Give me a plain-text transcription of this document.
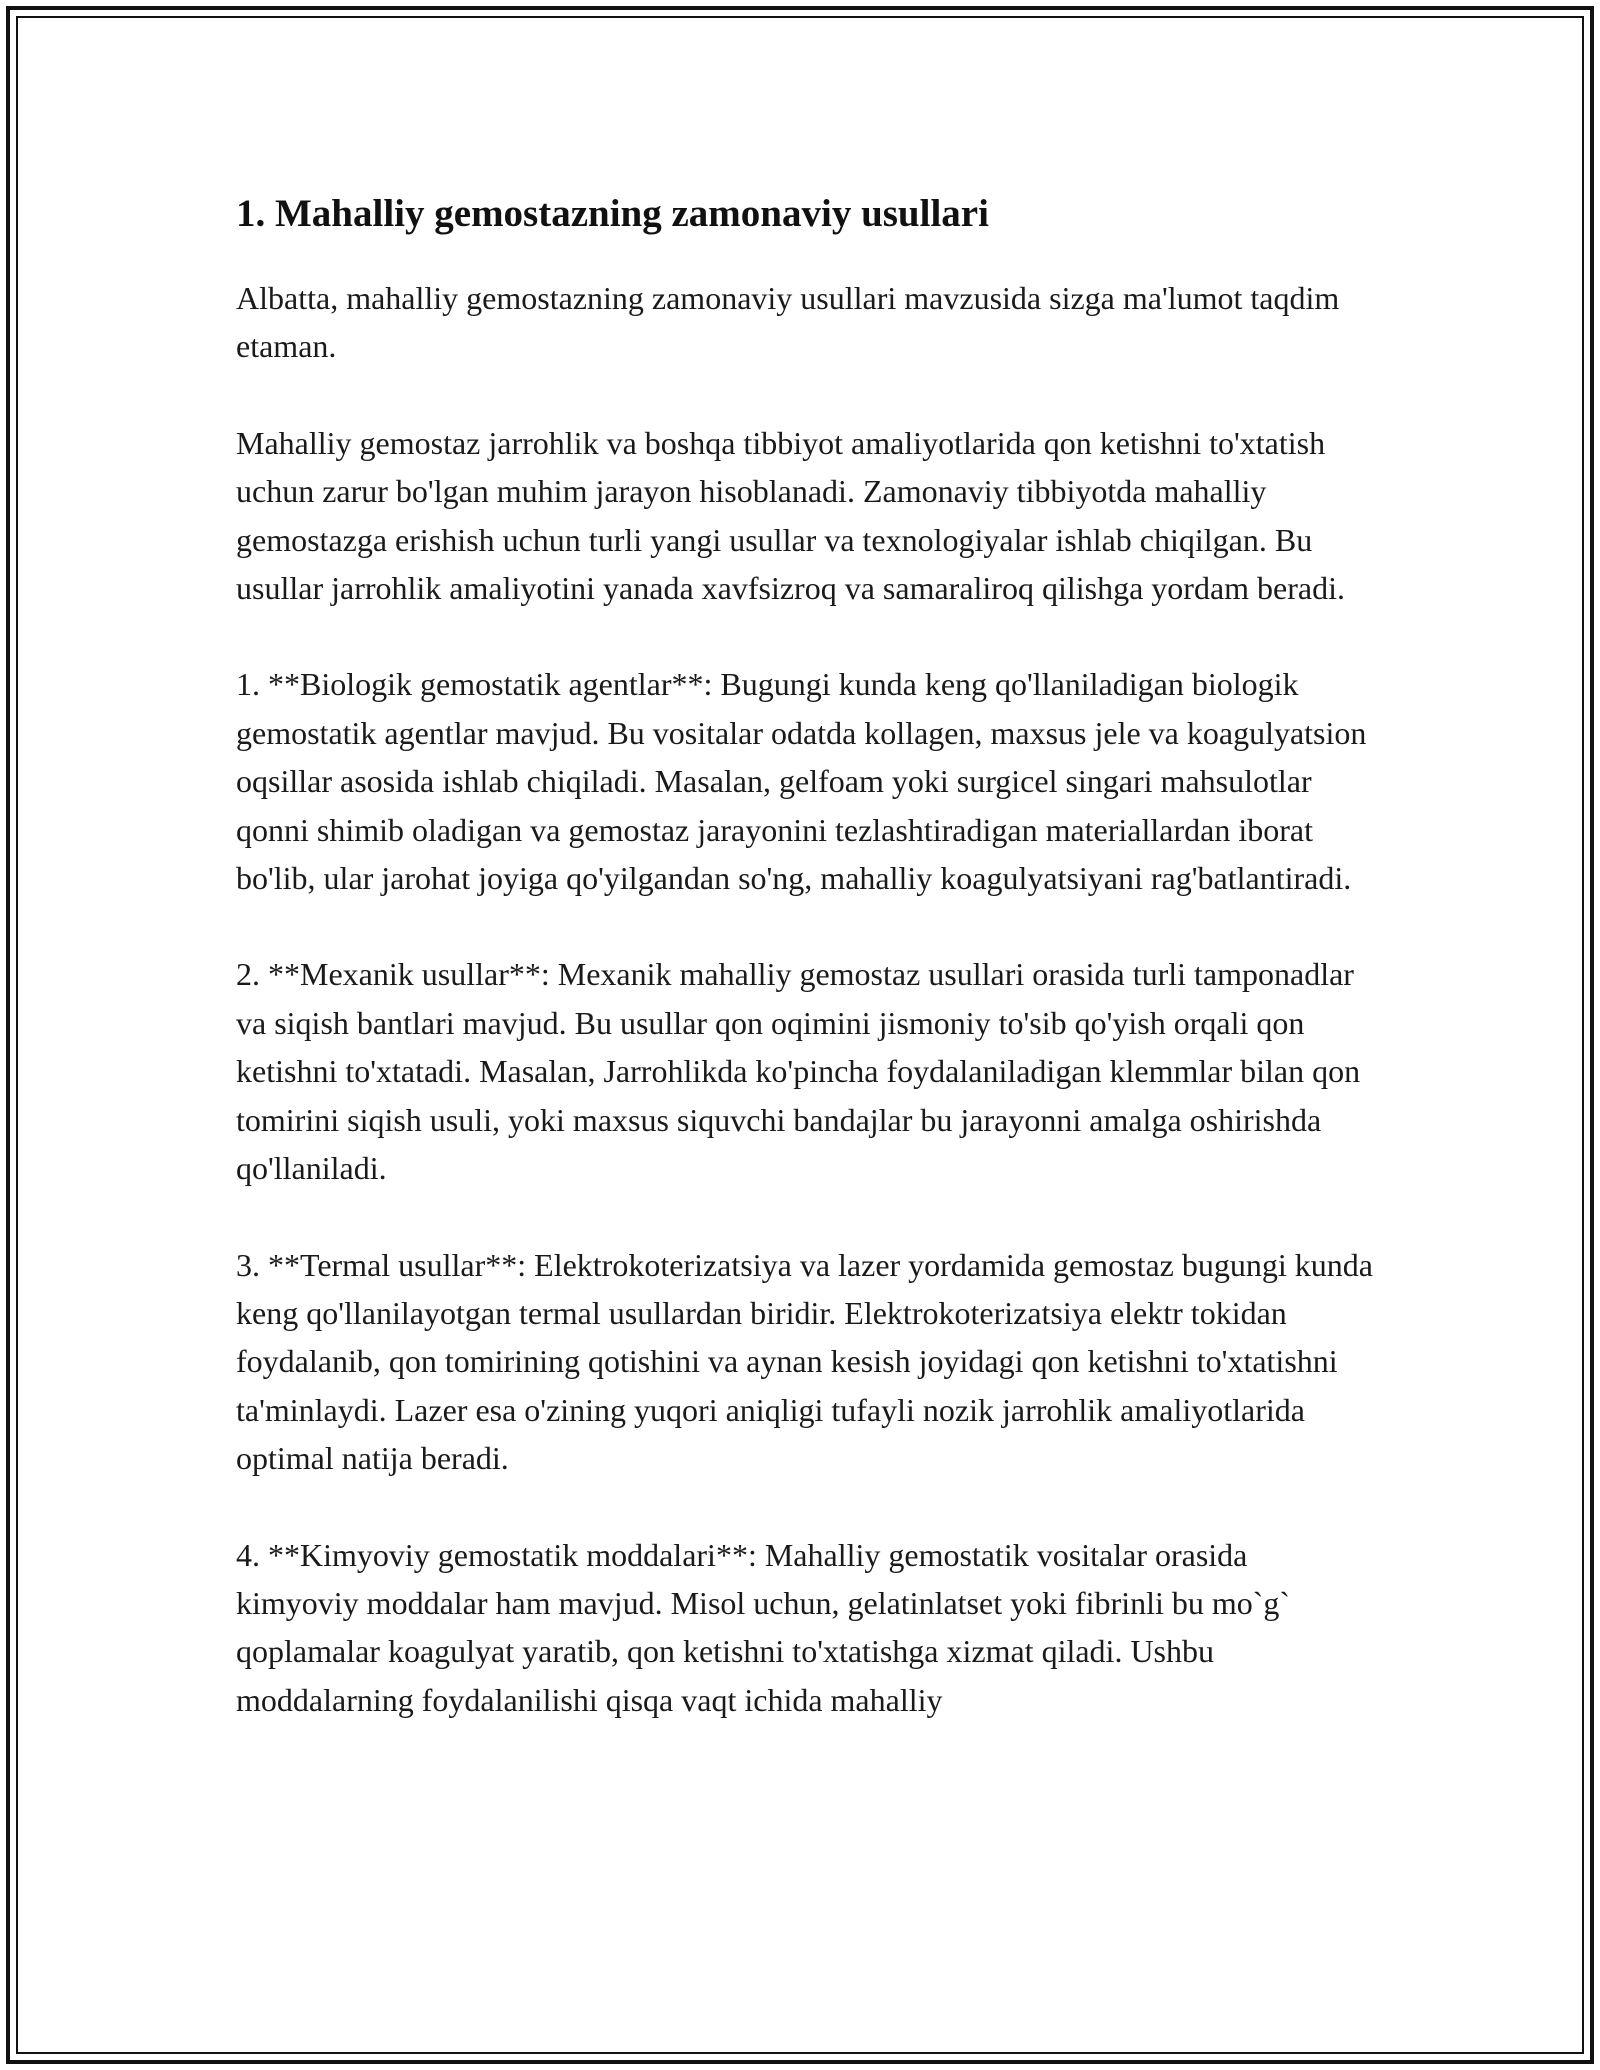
1. Mahalliy gemostazning zamonaviy usullari

Albatta, mahalliy gemostazning zamonaviy usullari mavzusida sizga ma'lumot taqdim etaman.

Mahalliy gemostaz jarrohlik va boshqa tibbiyot amaliyotlarida qon ketishni to'xtatish uchun zarur bo'lgan muhim jarayon hisoblanadi. Zamonaviy tibbiyotda mahalliy gemostazga erishish uchun turli yangi usullar va texnologiyalar ishlab chiqilgan. Bu usullar jarrohlik amaliyotini yanada xavfsizroq va samaraliroq qilishga yordam beradi.

1. **Biologik gemostatik agentlar**: Bugungi kunda keng qo'llaniladigan biologik gemostatik agentlar mavjud. Bu vositalar odatda kollagen, maxsus jele va koagulyatsion oqsillar asosida ishlab chiqiladi. Masalan, gelfoam yoki surgicel singari mahsulotlar qonni shimib oladigan va gemostaz jarayonini tezlashtiradigan materiallardan iborat bo'lib, ular jarohat joyiga qo'yilgandan so'ng, mahalliy koagulyatsiyani rag'batlantiradi.

2. **Mexanik usullar**: Mexanik mahalliy gemostaz usullari orasida turli tamponadlar va siqish bantlari mavjud. Bu usullar qon oqimini jismoniy to'sib qo'yish orqali qon ketishni to'xtatadi. Masalan, Jarrohlikda ko'pincha foydalaniladigan klemmlar bilan qon tomirini siqish usuli, yoki maxsus siquvchi bandajlar bu jarayonni amalga oshirishda qo'llaniladi.

3. **Termal usullar**: Elektrokoterizatsiya va lazer yordamida gemostaz bugungi kunda keng qo'llanilayotgan termal usullardan biridir. Elektrokoterizatsiya elektr tokidan foydalanib, qon tomirining qotishini va aynan kesish joyidagi qon ketishni to'xtatishni ta'minlaydi. Lazer esa o'zining yuqori aniqligi tufayli nozik jarrohlik amaliyotlarida optimal natija beradi.

4. **Kimyoviy gemostatik moddalari**: Mahalliy gemostatik vositalar orasida kimyoviy moddalar ham mavjud. Misol uchun, gelatinlatset yoki fibrinli bu mo`g` qoplamalar koagulyat yaratib, qon ketishni to'xtatishga xizmat qiladi. Ushbu moddalarning foydalanilishi qisqa vaqt ichida mahalliy
